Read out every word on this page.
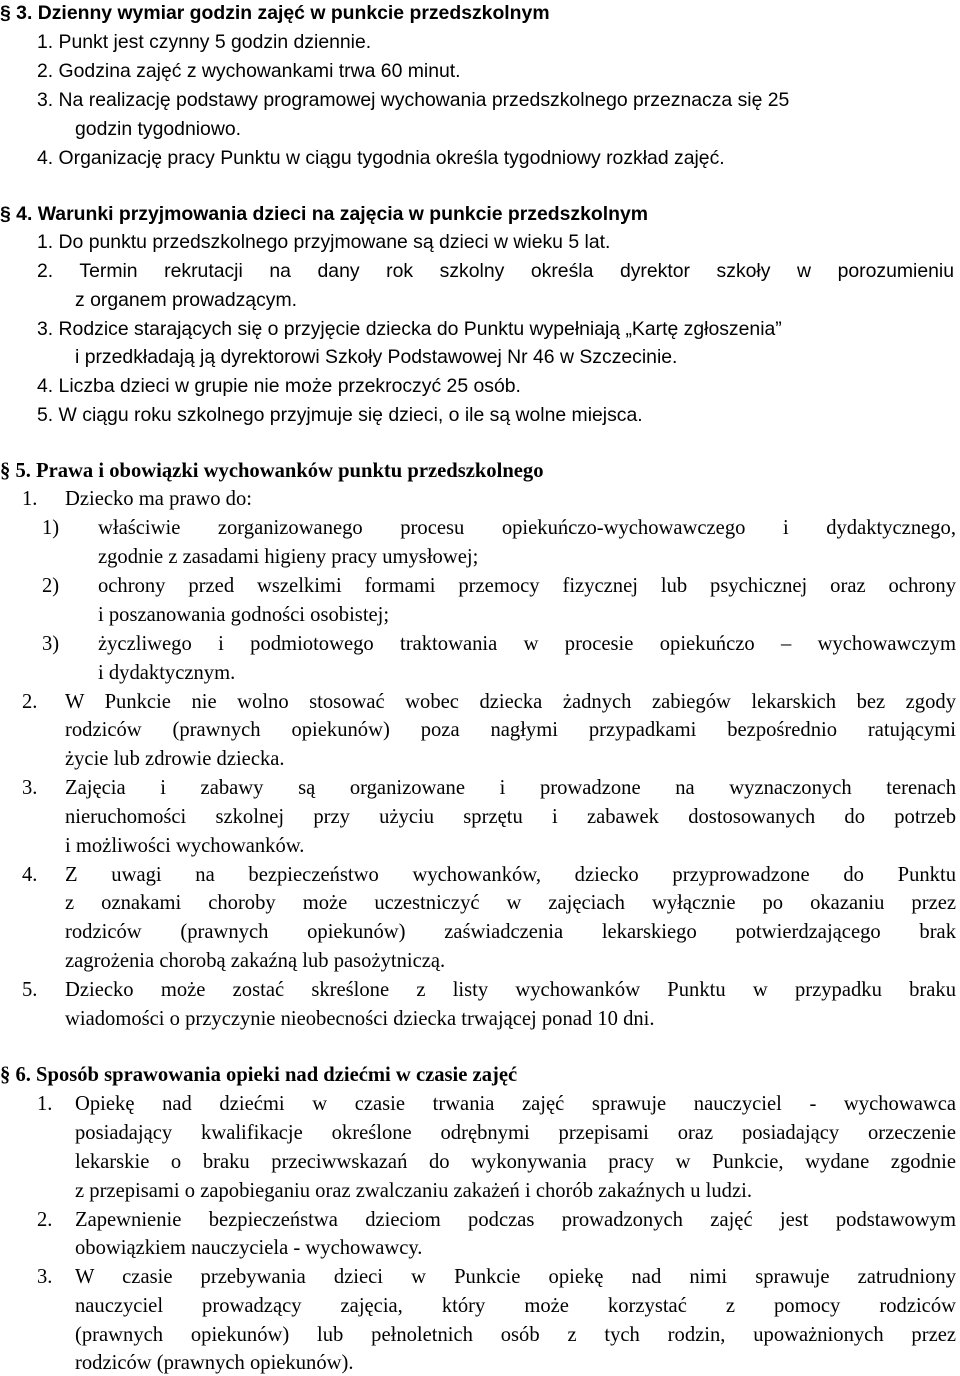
§ 3. Dzienny wymiar godzin zajęć w punkcie przedszkolnym
1. Punkt jest czynny 5 godzin dziennie.
2. Godzina zajęć z wychowankami trwa 60 minut.
3. Na realizację podstawy programowej wychowania przedszkolnego przeznacza się 25
godzin tygodniowo.
4. Organizację pracy Punktu w ciągu tygodnia określa tygodniowy rozkład zajęć.
§ 4. Warunki przyjmowania dzieci na zajęcia w punkcie przedszkolnym
1. Do punktu przedszkolnego przyjmowane są dzieci w wieku 5 lat.
2. Termin rekrutacji na dany rok szkolny określa dyrektor szkoły w porozumieniu
z organem prowadzącym.
3. Rodzice starających się o przyjęcie dziecka do Punktu wypełniają „Kartę zgłoszenia”
i przedkładają ją dyrektorowi Szkoły Podstawowej Nr 46 w Szczecinie.
4. Liczba dzieci w grupie nie może przekroczyć 25 osób.
5. W ciągu roku szkolnego przyjmuje się dzieci, o ile są wolne miejsca.
§ 5. Prawa i obowiązki wychowanków punktu przedszkolnego
1. Dziecko ma prawo do:
1) właściwie zorganizowanego procesu opiekuńczo-wychowawczego i dydaktycznego,
zgodnie z zasadami higieny pracy umysłowej;
2) ochrony przed wszelkimi formami przemocy fizycznej lub psychicznej oraz ochrony
i poszanowania godności osobistej;
3) życzliwego i podmiotowego traktowania w procesie opiekuńczo – wychowawczym
i dydaktycznym.
2. W Punkcie nie wolno stosować wobec dziecka żadnych zabiegów lekarskich bez zgody
rodziców (prawnych opiekunów) poza nagłymi przypadkami bezpośrednio ratującymi
życie lub zdrowie dziecka.
3. Zajęcia i zabawy są organizowane i prowadzone na wyznaczonych terenach
nieruchomości szkolnej przy użyciu sprzętu i zabawek dostosowanych do potrzeb
i możliwości wychowanków.
4. Z uwagi na bezpieczeństwo wychowanków, dziecko przyprowadzone do Punktu
z oznakami choroby może uczestniczyć w zajęciach wyłącznie po okazaniu przez
rodziców (prawnych opiekunów) zaświadczenia lekarskiego potwierdzającego brak
zagrożenia chorobą zakaźną lub pasożytniczą.
5. Dziecko może zostać skreślone z listy wychowanków Punktu w przypadku braku
wiadomości o przyczynie nieobecności dziecka trwającej ponad 10 dni.
§ 6. Sposób sprawowania opieki nad dziećmi w czasie zajęć
1. Opiekę nad dziećmi w czasie trwania zajęć sprawuje nauczyciel - wychowawca
posiadający kwalifikacje określone odrębnymi przepisami oraz posiadający orzeczenie
lekarskie o braku przeciwwskazań do wykonywania pracy w Punkcie, wydane zgodnie
z przepisami o zapobieganiu oraz zwalczaniu zakażeń i chorób zakaźnych u ludzi.
2. Zapewnienie bezpieczeństwa dzieciom podczas prowadzonych zajęć jest podstawowym
obowiązkiem nauczyciela - wychowawcy.
3. W czasie przebywania dzieci w Punkcie opiekę nad nimi sprawuje zatrudniony
nauczyciel prowadzący zajęcia, który może korzystać z pomocy rodziców
(prawnych opiekunów) lub pełnoletnich osób z tych rodzin, upoważnionych przez
rodziców (prawnych opiekunów).
